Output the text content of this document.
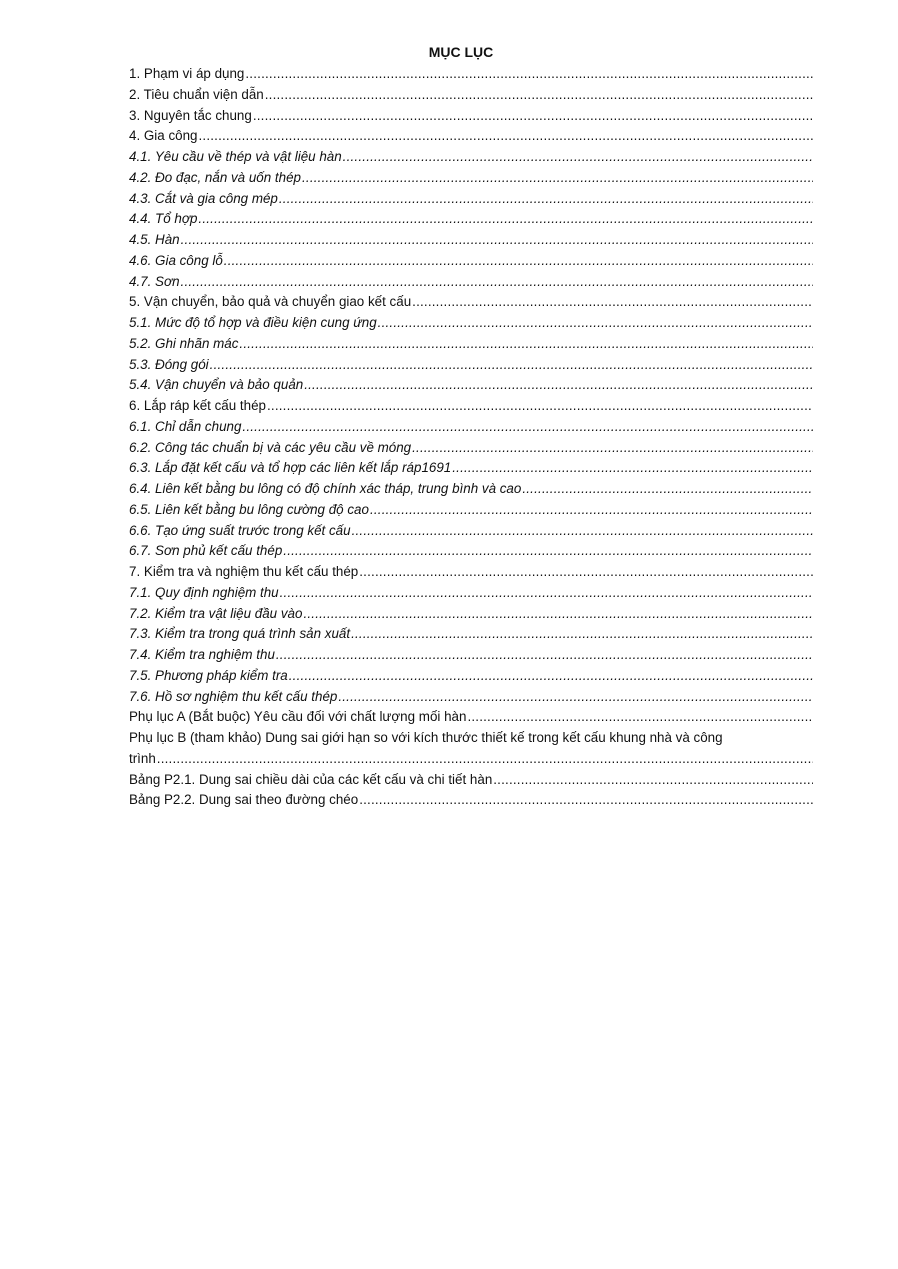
MỤC LỤC
1. Phạm vi áp dụng
.....
2. Tiêu chuẩn viện dẫn
.....
3. Nguyên tắc chung
.....
4. Gia công
.....
4.1. Yêu cầu về thép và vật liệu hàn
.....
4.2. Đo đạc, nắn và uốn thép
.....
4.3. Cắt và gia công mép
.....
4.4. Tổ hợp
.....
4.5. Hàn
.....
4.6. Gia công lỗ
.....
4.7. Sơn
.....
5. Vận chuyển, bảo quả và chuyển giao kết cấu
.....
5.1. Mức độ tổ hợp và điều kiện cung ứng
.....
5.2. Ghi nhãn mác
.....
5.3. Đóng gói
.....
5.4. Vận chuyển và bảo quản
.....
6. Lắp ráp kết cấu thép
.....
6.1. Chỉ dẫn chung
.....
6.2. Công tác chuẩn bị và các yêu cầu về móng
.....
6.3. Lắp đặt kết cấu và tổ hợp các liên kết lắp ráp1691
.....
6.4. Liên kết bằng bu lông có độ chính xác tháp, trung bình và cao
.....
6.5. Liên kết bằng bu lông cường độ cao
.....
6.6. Tạo ứng suất trước trong kết cấu
.....
6.7. Sơn phủ kết cấu thép
.....
7. Kiểm tra và nghiệm thu kết cấu thép
.....
7.1. Quy định nghiệm thu
.....
7.2. Kiểm tra vật liệu đầu vào
.....
7.3. Kiểm tra trong quá trình sản xuất
.....
7.4. Kiểm tra nghiệm thu
.....
7.5. Phương pháp kiểm tra
.....
7.6. Hồ sơ nghiệm thu kết cấu thép
.....
Phụ lục A (Bắt buộc) Yêu cầu đối với chất lượng mối hàn
.....
Phụ lục B (tham khảo) Dung sai giới hạn so với kích thước thiết kế trong kết cấu khung nhà và công
trình
.....
Bảng P2.1. Dung sai chiều dài của các kết cấu và chi tiết hàn
.....
Bảng P2.2. Dung sai theo đường chéo
.....
